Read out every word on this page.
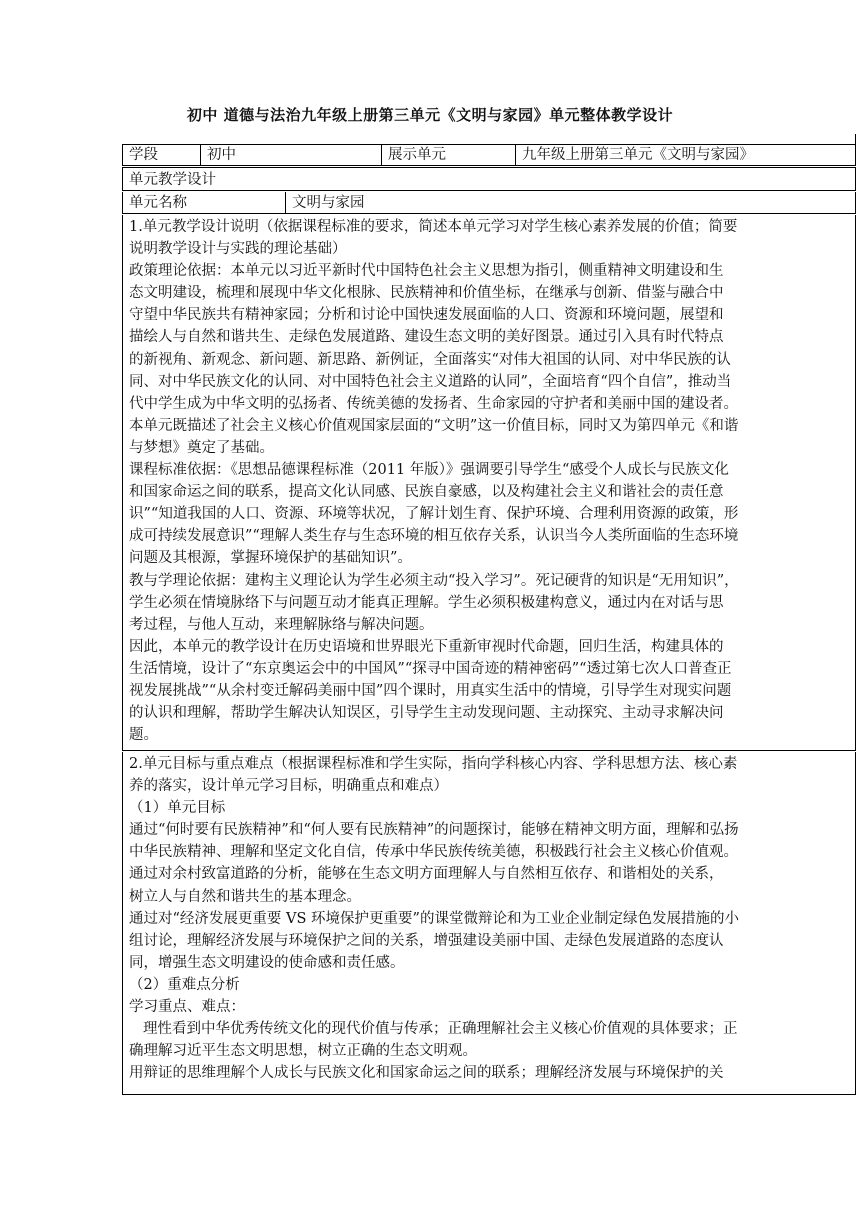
初中 道德与法治九年级上册第三单元《文明与家园》单元整体教学设计
学段	初中	展示单元	九年级上册第三单元《文明与家园》
单元教学设计
单元名称	文明与家园

1.单元教学设计说明（依据课程标准的要求，简述本单元学习对学生核心素养发展的价值；简要

说明教学设计与实践的理论基础）

政策理论依据：本单元以习近平新时代中国特色社会主义思想为指引，侧重精神文明建设和生

态文明建设，梳理和展现中华文化根脉、民族精神和价值坐标，在继承与创新、借鉴与融合中

守望中华民族共有精神家园；分析和讨论中国快速发展面临的人口、资源和环境问题，展望和

描绘人与自然和谐共生、走绿色发展道路、建设生态文明的美好图景。通过引入具有时代特点

的新视角、新观念、新问题、新思路、新例证，全面落实“对伟大祖国的认同、对中华民族的认

同、对中华民族文化的认同、对中国特色社会主义道路的认同”，全面培育“四个自信”，推动当

代中学生成为中华文明的弘扬者、传统美德的发扬者、生命家园的守护者和美丽中国的建设者。

本单元既描述了社会主义核心价值观国家层面的“文明”这一价值目标，同时又为第四单元《和谐

与梦想》奠定了基础。

课程标准依据：《思想品德课程标准（2011 年版）》强调要引导学生“感受个人成长与民族文化

和国家命运之间的联系，提高文化认同感、民族自豪感，以及构建社会主义和谐社会的责任意

识”“知道我国的人口、资源、环境等状况，了解计划生育、保护环境、合理利用资源的政策，形

成可持续发展意识”“理解人类生存与生态环境的相互依存关系，认识当今人类所面临的生态环境

问题及其根源，掌握环境保护的基础知识”。

教与学理论依据：建构主义理论认为学生必须主动“投入学习”。死记硬背的知识是“无用知识”，

学生必须在情境脉络下与问题互动才能真正理解。学生必须积极建构意义，通过内在对话与思

考过程，与他人互动，来理解脉络与解决问题。

因此，本单元的教学设计在历史语境和世界眼光下重新审视时代命题，回归生活，构建具体的

生活情境，设计了“东京奥运会中的中国风”“探寻中国奇迹的精神密码”“透过第七次人口普查正

视发展挑战”“从余村变迁解码美丽中国”四个课时，用真实生活中的情境，引导学生对现实问题

的认识和理解，帮助学生解决认知误区，引导学生主动发现问题、主动探究、主动寻求解决问

题。

2.单元目标与重点难点（根据课程标准和学生实际，指向学科核心内容、学科思想方法、核心素

养的落实，设计单元学习目标，明确重点和难点）

（1）单元目标

通过“何时要有民族精神”和“何人要有民族精神”的问题探讨，能够在精神文明方面，理解和弘扬

中华民族精神、理解和坚定文化自信，传承中华民族传统美德，积极践行社会主义核心价值观。

通过对余村致富道路的分析，能够在生态文明方面理解人与自然相互依存、和谐相处的关系，

树立人与自然和谐共生的基本理念。

通过对“经济发展更重要 VS 环境保护更重要”的课堂微辩论和为工业企业制定绿色发展措施的小

组讨论，理解经济发展与环境保护之间的关系，增强建设美丽中国、走绿色发展道路的态度认

同，增强生态文明建设的使命感和责任感。

（2）重难点分析

学习重点、难点：

理性看到中华优秀传统文化的现代价值与传承；正确理解社会主义核心价值观的具体要求；正

确理解习近平生态文明思想，树立正确的生态文明观。

用辩证的思维理解个人成长与民族文化和国家命运之间的联系；理解经济发展与环境保护的关
